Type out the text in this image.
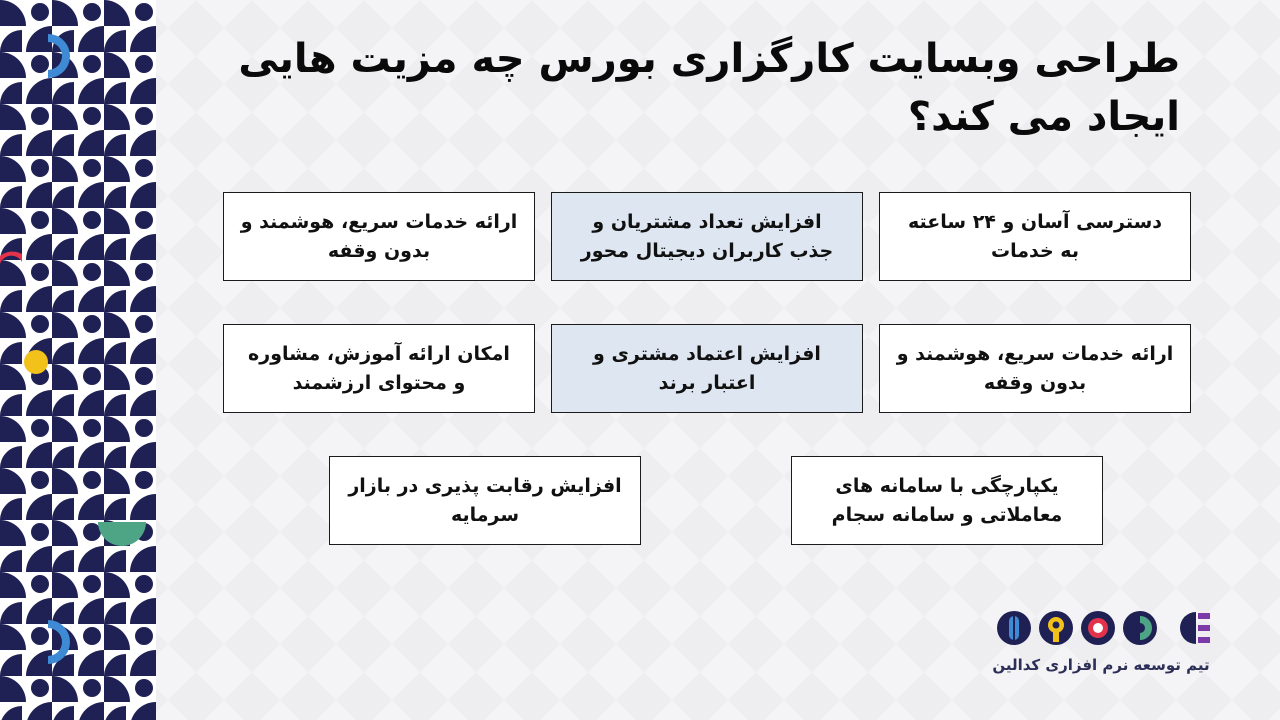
طراحی وبسایت کارگزاری بورس چه مزیت هایی ایجاد می کند؟
دسترسی آسان و ۲۴ ساعته به خدمات
افزایش تعداد مشتریان و جذب کاربران دیجیتال محور
ارائه خدمات سریع، هوشمند و بدون وقفه
ارائه خدمات سریع، هوشمند و بدون وقفه
افزایش اعتماد مشتری و اعتبار برند
امکان ارائه آموزش، مشاوره و محتوای ارزشمند
یکپارچگی با سامانه های معاملاتی و سامانه سجام
افزایش رقابت پذیری در بازار سرمایه
تیم توسعه نرم افزاری کدالین
